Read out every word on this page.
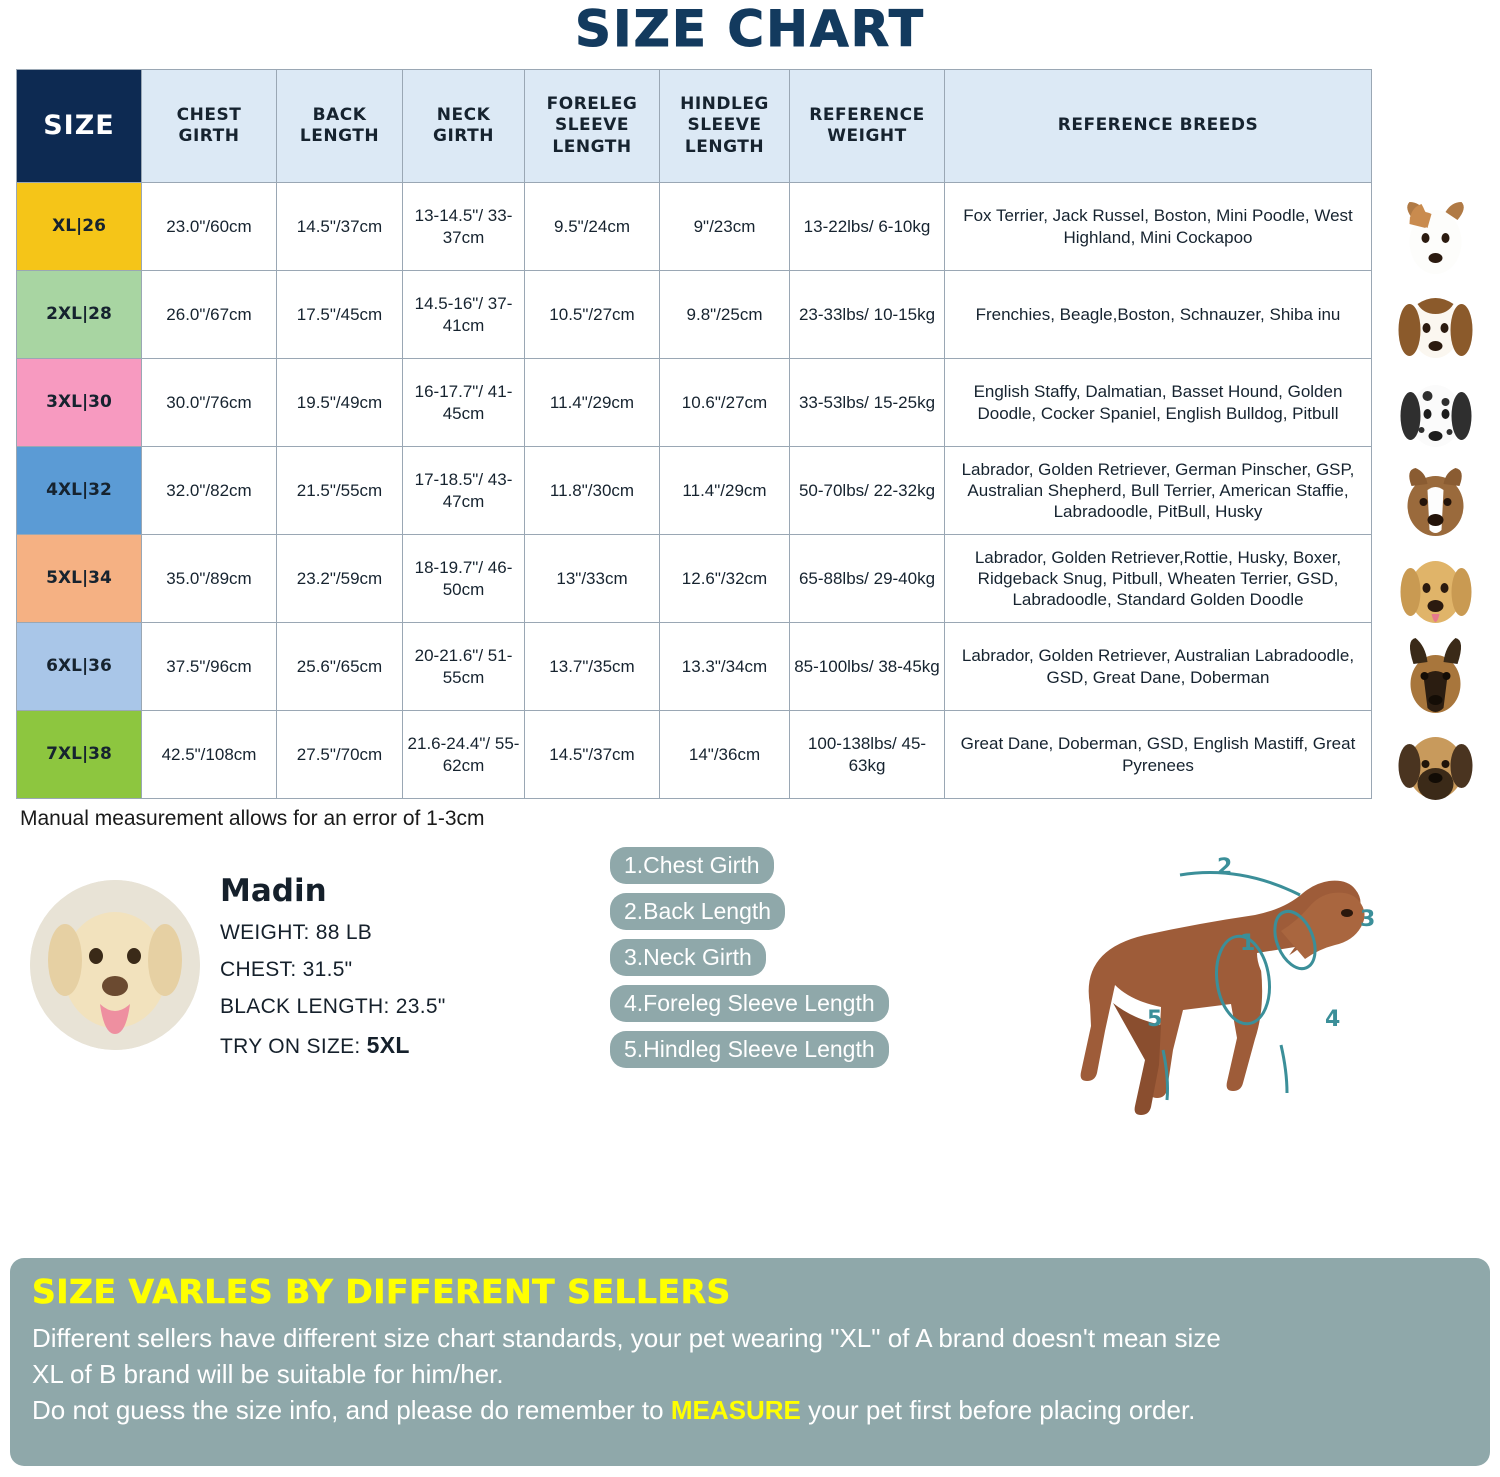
SIZE CHART
SIZE	CHEST GIRTH	BACK LENGTH	NECK GIRTH	FORELEG SLEEVE LENGTH	HINDLEG SLEEVE LENGTH	REFERENCE WEIGHT	REFERENCE BREEDS
XL|26	23.0"/60cm	14.5"/37cm	13-14.5"/ 33-37cm	9.5"/24cm	9"/23cm	13-22lbs/ 6-10kg	Fox Terrier, Jack Russel, Boston, Mini Poodle, West Highland, Mini Cockapoo
2XL|28	26.0"/67cm	17.5"/45cm	14.5-16"/ 37-41cm	10.5"/27cm	9.8"/25cm	23-33lbs/ 10-15kg	Frenchies, Beagle,Boston, Schnauzer, Shiba inu
3XL|30	30.0"/76cm	19.5"/49cm	16-17.7"/ 41-45cm	11.4"/29cm	10.6"/27cm	33-53lbs/ 15-25kg	English Staffy, Dalmatian, Basset Hound, Golden Doodle, Cocker Spaniel, English Bulldog, Pitbull
4XL|32	32.0"/82cm	21.5"/55cm	17-18.5"/ 43-47cm	11.8"/30cm	11.4"/29cm	50-70lbs/ 22-32kg	Labrador, Golden Retriever, German Pinscher, GSP, Australian Shepherd, Bull Terrier, American Staffie, Labradoodle, PitBull, Husky
5XL|34	35.0"/89cm	23.2"/59cm	18-19.7"/ 46-50cm	13"/33cm	12.6"/32cm	65-88lbs/ 29-40kg	Labrador, Golden Retriever,Rottie, Husky, Boxer, Ridgeback Snug, Pitbull, Wheaten Terrier, GSD, Labradoodle, Standard Golden Doodle
6XL|36	37.5"/96cm	25.6"/65cm	20-21.6"/ 51-55cm	13.7"/35cm	13.3"/34cm	85-100lbs/ 38-45kg	Labrador, Golden Retriever, Australian Labradoodle, GSD, Great Dane, Doberman
7XL|38	42.5"/108cm	27.5"/70cm	21.6-24.4"/ 55-62cm	14.5"/37cm	14"/36cm	100-138lbs/ 45-63kg	Great Dane, Doberman, GSD, English Mastiff, Great Pyrenees
Manual measurement allows for an error of 1-3cm
Madin
WEIGHT: 88 LB
CHEST: 31.5"
BLACK LENGTH: 23.5"
TRY ON SIZE: 5XL
1.Chest Girth
2.Back Length
3.Neck Girth
4.Foreleg Sleeve Length
5.Hindleg Sleeve Length
1
2
3
4
5
SIZE VARLES BY DIFFERENT SELLERS
Different sellers have different size chart standards, your pet wearing "XL" of A brand doesn't mean size
XL of B brand will be suitable for him/her.
Do not guess the size info, and please do remember to MEASURE your pet first before placing order.
